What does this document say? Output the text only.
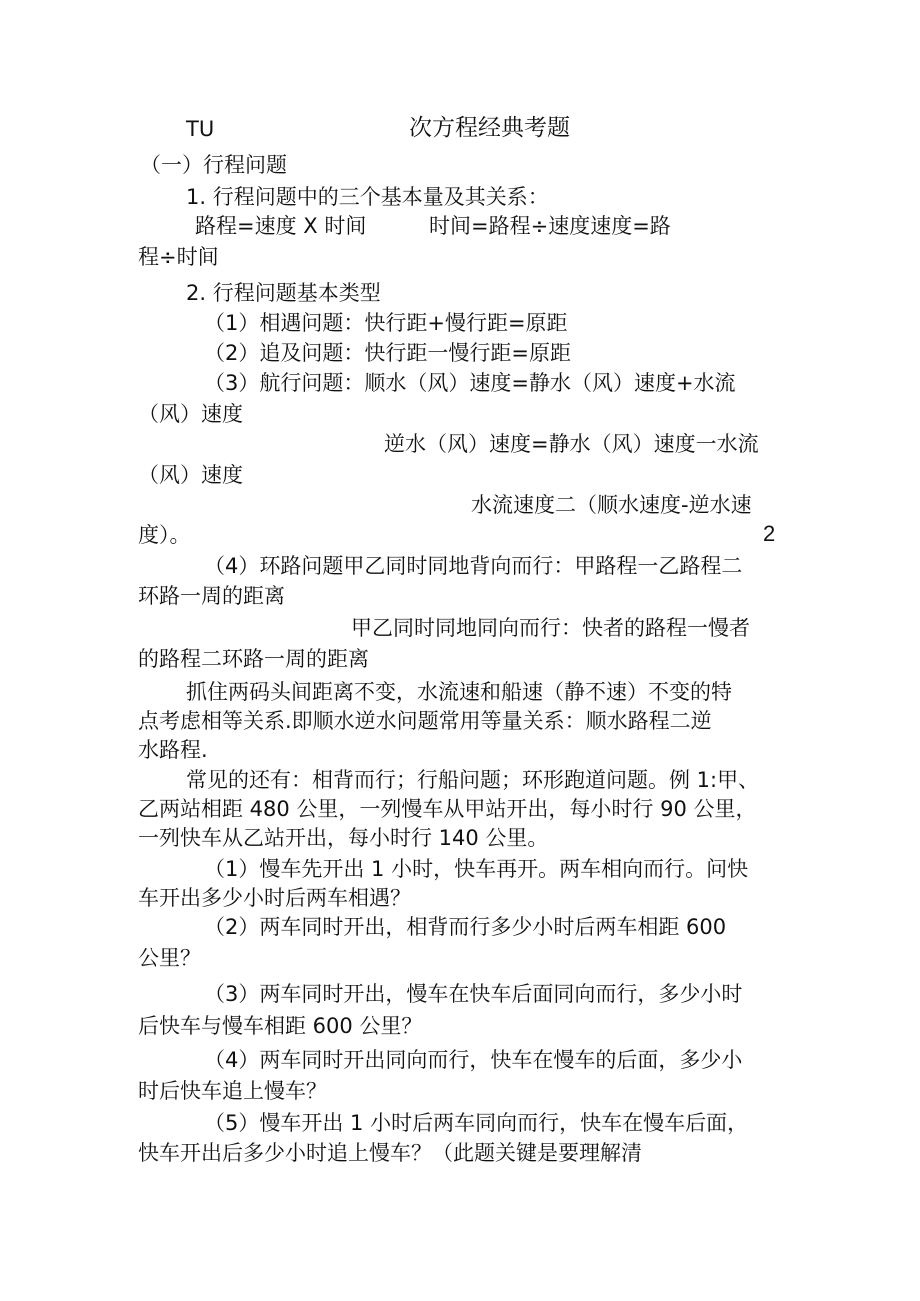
TU	次方程经典考题
（一）行程问题
1. 行程问题中的三个基本量及其关系：
路程=速度 X 时间	时间=路程÷速度速度=路
程÷时间
2. 行程问题基本类型
（1）相遇问题：快行距+慢行距=原距
（2）追及问题：快行距一慢行距=原距
（3）航行问题：顺水（风）速度=静水（风）速度+水流
（风）速度
逆水（风）速度=静水（风）速度一水流
（风）速度
水流速度二（顺水速度-逆水速
度）。	2
（4）环路问题甲乙同时同地背向而行：甲路程一乙路程二
环路一周的距离
甲乙同时同地同向而行：快者的路程一慢者
的路程二环路一周的距离
抓住两码头间距离不变，水流速和船速（静不速）不变的特
点考虑相等关系.即顺水逆水问题常用等量关系：顺水路程二逆
水路程.
常见的还有：相背而行；行船问题；环形跑道问题。例 1:甲、
乙两站相距 480 公里，一列慢车从甲站开出，每小时行 90 公里，
一列快车从乙站开出，每小时行 140 公里。
（1）慢车先开出 1 小时，快车再开。两车相向而行。问快
车开出多少小时后两车相遇？
（2）两车同时开出，相背而行多少小时后两车相距 600
公里？
（3）两车同时开出，慢车在快车后面同向而行，多少小时
后快车与慢车相距 600 公里？
（4）两车同时开出同向而行，快车在慢车的后面，多少小
时后快车追上慢车？
（5）慢车开出 1 小时后两车同向而行，快车在慢车后面，
快车开出后多少小时追上慢车？（此题关键是要理解清
